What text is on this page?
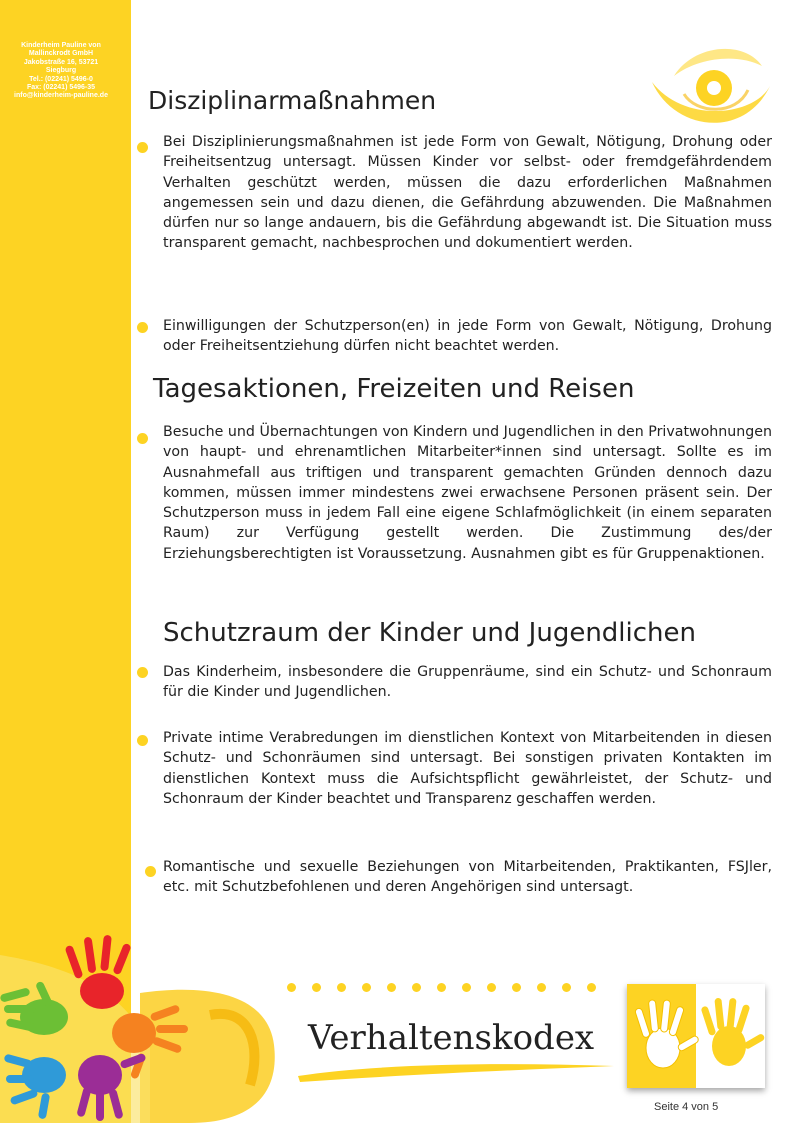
Kinderheim Pauline von
Mallinckrodt GmbH
Jakobstraße 16, 53721
Siegburg
Tel.: (02241) 5496-0
Fax: (02241) 5496-35
info@kinderheim-pauline.de	Disziplinarmaßnahmen
Bei Disziplinierungsmaßnahmen ist jede Form von Gewalt, Nötigung, Drohung oder Freiheitsentzug untersagt. Müssen Kinder vor selbst- oder fremdgefährdendem Verhalten geschützt werden, müssen die dazu erforderlichen Maßnahmen angemessen sein und dazu dienen, die Gefährdung abzuwenden. Die Maßnahmen dürfen nur so lange andauern, bis die Gefährdung abgewandt ist. Die Situation muss transparent gemacht, nachbesprochen und dokumentiert werden.
Einwilligungen der Schutzperson(en) in jede Form von Gewalt, Nötigung, Drohung oder Freiheitsentziehung dürfen nicht beachtet werden.
Tagesaktionen, Freizeiten und Reisen
Besuche und Übernachtungen von Kindern und Jugendlichen in den Privatwohnungen von haupt- und ehrenamtlichen Mitarbeiter*innen sind untersagt. Sollte es im Ausnahmefall aus triftigen und transparent gemachten Gründen dennoch dazu kommen, müssen immer mindestens zwei erwachsene Personen präsent sein. Der Schutzperson muss in jedem Fall eine eigene Schlafmöglichkeit (in einem separaten Raum) zur Verfügung gestellt werden. Die Zustimmung des/der Erziehungsberechtigten ist Voraussetzung. Ausnahmen gibt es für Gruppenaktionen.
Schutzraum der Kinder und Jugendlichen
Das Kinderheim, insbesondere die Gruppenräume, sind ein Schutz- und Schonraum für die Kinder und Jugendlichen.
Private intime Verabredungen im dienstlichen Kontext von Mitarbeitenden in diesen Schutz- und Schonräumen sind untersagt. Bei sonstigen privaten Kontakten im dienstlichen Kontext muss die Aufsichtspflicht gewährleistet, der Schutz- und Schonraum der Kinder beachtet und Transparenz geschaffen werden.
Romantische und sexuelle Beziehungen von Mitarbeitenden, Praktikanten, FSJler, etc. mit Schutzbefohlenen und deren Angehörigen sind untersagt.
Verhaltenskodex
Seite 4 von 5
